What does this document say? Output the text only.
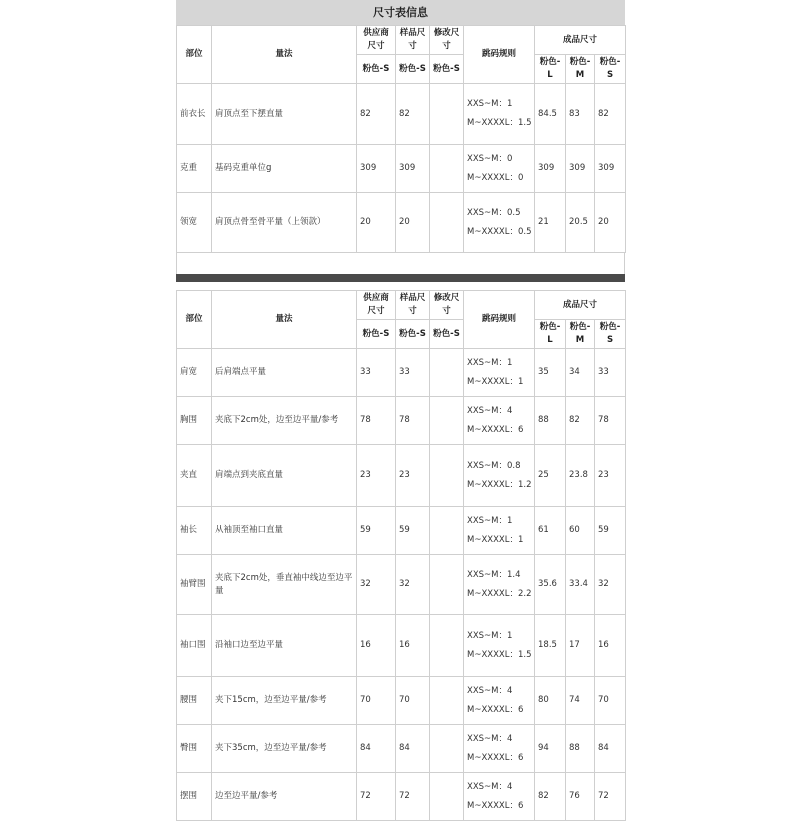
尺寸表信息
部位	量法	供应商尺寸	样品尺寸	修改尺寸	跳码规则	成品尺寸		
		粉色-S	粉色-S	粉色-S		粉色-L	粉色-M	粉色-S
前衣长	肩顶点至下摆直量	82	82		XXS~M：1
M~XXXXL：1.5	84.5	83	82
克重	基码克重单位g	309	309		XXS~M：0
M~XXXXL：0	309	309	309
领宽	肩顶点骨至骨平量（上领款）	20	20		XXS~M：0.5
M~XXXXL：0.5	21	20.5	20
部位	量法	供应商尺寸	样品尺寸	修改尺寸	跳码规则	成品尺寸		
		粉色-S	粉色-S	粉色-S		粉色-L	粉色-M	粉色-S
肩宽	后肩端点平量	33	33		XXS~M：1
M~XXXXL：1	35	34	33
胸围	夹底下2cm处，边至边平量/参考	78	78		XXS~M：4
M~XXXXL：6	88	82	78
夹直	肩端点到夹底直量	23	23		XXS~M：0.8
M~XXXXL：1.2	25	23.8	23
袖长	从袖顶至袖口直量	59	59		XXS~M：1
M~XXXXL：1	61	60	59
袖臂围	夹底下2cm处，垂直袖中线边至边平量	32	32		XXS~M：1.4
M~XXXXL：2.2	35.6	33.4	32
袖口围	沿袖口边至边平量	16	16		XXS~M：1
M~XXXXL：1.5	18.5	17	16
腰围	夹下15cm，边至边平量/参考	70	70		XXS~M：4
M~XXXXL：6	80	74	70
臀围	夹下35cm，边至边平量/参考	84	84		XXS~M：4
M~XXXXL：6	94	88	84
摆围	边至边平量/参考	72	72		XXS~M：4
M~XXXXL：6	82	76	72
